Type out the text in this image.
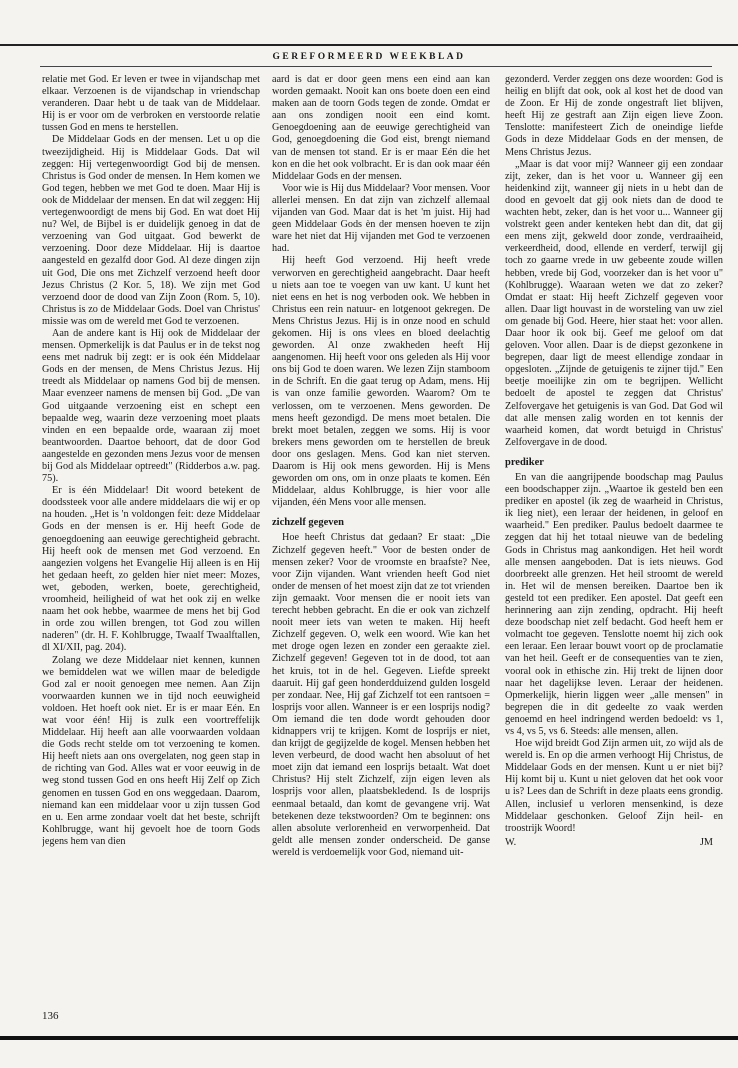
GEREFORMEERD WEEKBLAD

relatie met God. Er leven er twee in vijandschap met elkaar. Verzoenen is de vijandschap in vriendschap veranderen. Daar hebt u de taak van de Middelaar. Hij is er voor om de verbroken en verstoorde relatie tussen God en mens te herstellen.

De Middelaar Gods en der mensen. Let u op die tweezijdigheid. Hij is Middelaar Gods. Dat wil zeggen: Hij vertegenwoordigt God bij de mensen. Christus is God onder de mensen. In Hem komen we God tegen, hebben we met God te doen. Maar Hij is ook de Middelaar der mensen. En dat wil zeggen: Hij vertegenwoordigt de mens bij God. En wat doet Hij nu? Wel, de Bijbel is er duidelijk genoeg in dat de verzoening van God uitgaat. God bewerkt de verzoening. Door deze Middelaar. Hij is daartoe aangesteld en gezalfd door God. Al deze dingen zijn uit God, Die ons met Zichzelf verzoend heeft door Jezus Christus (2 Kor. 5, 18). We zijn met God verzoend door de dood van Zijn Zoon (Rom. 5, 10). Christus is zo de Middelaar Gods. Doel van Christus' missie was om de wereld met God te verzoenen.

Aan de andere kant is Hij ook de Middelaar der mensen. Opmerkelijk is dat Paulus er in de tekst nog eens met nadruk bij zegt: er is ook één Middelaar Gods en der mensen, de Mens Christus Jezus. Hij treedt als Middelaar op namens God bij de mensen. Maar evenzeer namens de mensen bij God. „De van God uitgaande verzoening eist en schept een bepaalde weg, waarin deze verzoening moet plaats vinden en een bepaalde orde, waaraan zij moet beantwoorden. Daartoe behoort, dat de door God aangestelde en gezonden mens Jezus voor de mensen bij God als Middelaar optreedt" (Ridderbos a.w. pag. 75).

Er is één Middelaar! Dit woord betekent de doodssteek voor alle andere middelaars die wij er op na houden. „Het is 'n voldongen feit: deze Middelaar Gods en der mensen is er. Hij heeft Gode de genoegdoening aan eeuwige gerechtigheid gebracht. Hij heeft ook de mensen met God verzoend. En aangezien volgens het Evangelie Hij alleen is en Hij het gedaan heeft, zo gelden hier niet meer: Mozes, wet, geboden, werken, boete, gerechtigheid, vroomheid, heiligheid of wat het ook zij en welke naam het ook hebbe, waarmee de mens het bij God in orde zou willen brengen, tot God zou willen naderen" (dr. H. F. Kohlbrugge, Twaalf Twaalftallen, dl XI/XII, pag. 204).

Zolang we deze Middelaar niet kennen, kunnen we bemiddelen wat we willen maar de beledigde God zal er nooit genoegen mee nemen. Aan Zijn voorwaarden kunnen we in tijd noch eeuwigheid voldoen. Het hoeft ook niet. Er is er maar Eén. En wat voor één! Hij is zulk een voortreffelijk Middelaar. Hij heeft aan alle voorwaarden voldaan die Gods recht stelde om tot verzoening te komen. Hij heeft niets aan ons overgelaten, nog geen stap in de richting van God. Alles wat er voor eeuwig in de weg stond tussen God en ons heeft Hij Zelf op Zich genomen en tussen God en ons weggedaan. Daarom, niemand kan een middelaar voor u zijn tussen God en u. Een arme zondaar voelt dat het beste, schrijft Kohlbrugge, want hij gevoelt hoe de toorn Gods jegens hem van dien

aard is dat er door geen mens een eind aan kan worden gemaakt. Nooit kan ons boete doen een eind maken aan de toorn Gods tegen de zonde. Omdat er aan ons zondigen nooit een eind komt. Genoegdoening aan de eeuwige gerechtigheid van God, genoegdoening die God eist, brengt niemand van de mensen tot stand. Er is er maar Eén die het kon en die het ook volbracht. Er is dan ook maar één Middelaar Gods en der mensen.

Voor wie is Hij dus Middelaar? Voor mensen. Voor allerlei mensen. En dat zijn van zichzelf allemaal vijanden van God. Maar dat is het 'm juist. Hij had geen Middelaar Gods èn der mensen hoeven te zijn ware het niet dat Hij vijanden met God te verzoenen had.

Hij heeft God verzoend. Hij heeft vrede verworven en gerechtigheid aangebracht. Daar heeft u niets aan toe te voegen van uw kant. U kunt het niet eens en het is nog verboden ook. We hebben in Christus een rein natuur- en lotgenoot gekregen. De Mens Christus Jezus. Hij is in onze nood en schuld gekomen. Hij is ons vlees en bloed deelachtig geworden. Al onze zwakheden heeft Hij aangenomen. Hij heeft voor ons geleden als Hij voor ons bij God te doen waren. We lezen Zijn stamboom in de Schrift. En die gaat terug op Adam, mens. Hij is van onze familie geworden. Waarom? Om te verlossen, om te verzoenen. Mens geworden. De mens heeft gezondigd. De mens moet betalen. Die brekt moet betalen, zeggen we soms. Hij is voor brekers mens geworden om te herstellen de breuk door ons geslagen. Mens. God kan niet sterven. Daarom is Hij ook mens geworden. Hij is Mens geworden om ons, om in onze plaats te komen. Eén Middelaar, aldus Kohlbrugge, is hier voor alle vijanden, één Mens voor alle mensen.

zichzelf gegeven

Hoe heeft Christus dat gedaan? Er staat: „Die Zichzelf gegeven heeft." Voor de besten onder de mensen zeker? Voor de vroomste en braafste? Nee, voor Zijn vijanden. Want vrienden heeft God niet onder de mensen of het moest zijn dat ze tot vrienden zijn gemaakt. Voor mensen die er nooit iets van terecht hebben gebracht. En die er ook van zichzelf nooit meer iets van weten te maken. Hij heeft Zichzelf gegeven. O, welk een woord. Wie kan het met droge ogen lezen en zonder een geraakte ziel. Zichzelf gegeven! Gegeven tot in de dood, tot aan het kruis, tot in de hel. Gegeven. Liefde spreekt daaruit. Hij gaf geen honderdduizend gulden losgeld per zondaar. Nee, Hij gaf Zichzelf tot een rantsoen = losprijs voor allen. Wanneer is er een losprijs nodig? Om iemand die ten dode wordt gehouden door kidnappers vrij te krijgen. Komt de losprijs er niet, dan krijgt de gegijzelde de kogel. Mensen hebben het leven verbeurd, de dood wacht hen absoluut of het moet zijn dat iemand een losprijs betaalt. Wat doet Christus? Hij stelt Zichzelf, zijn eigen leven als losprijs voor allen, plaatsbekledend. Is de losprijs eenmaal betaald, dan komt de gevangene vrij. Wat betekenen deze tekstwoorden? Om te beginnen: ons allen absolute verlorenheid en verworpenheid. Dat geldt alle mensen zonder onderscheid. De ganse wereld is verdoemelijk voor God, niemand uit-

gezonderd. Verder zeggen ons deze woorden: God is heilig en blijft dat ook, ook al kost het de dood van de Zoon. Er Hij de zonde ongestraft liet blijven, heeft Hij ze gestraft aan Zijn eigen lieve Zoon. Tenslotte: manifesteert Zich de oneindige liefde Gods in deze Middelaar Gods en der mensen, de Mens Christus Jezus.

„Maar is dat voor mij? Wanneer gij een zondaar zijt, zeker, dan is het voor u. Wanneer gij een heidenkind zijt, wanneer gij niets in u hebt dan de dood en gevoelt dat gij ook niets dan de dood te wachten hebt, zeker, dan is het voor u... Wanneer gij volstrekt geen ander kenteken hebt dan dit, dat gij een mens zijt, gekweld door zonde, verdraaiheid, verkeerdheid, dood, ellende en verderf, terwijl gij toch zo gaarne vrede in uw gebeente zoude willen hebben, vrede bij God, voorzeker dan is het voor u" (Kohlbrugge). Waaraan weten we dat zo zeker? Omdat er staat: Hij heeft Zichzelf gegeven voor allen. Daar ligt houvast in de worsteling van uw ziel om genade bij God. Heere, hier staat het: voor allen. Daar hoor ik ook bij. Geef me geloof om dat geloven. Voor allen. Daar is de diepst gezonkene in begrepen, daar ligt de meest ellendige zondaar in opgesloten. „Zijnde de getuigenis te zijner tijd." Een beetje moeilijke zin om te begrijpen. Wellicht bedoelt de apostel te zeggen dat Christus' Zelfovergave het getuigenis is van God. Dat God wil dat alle mensen zalig worden en tot kennis der waarheid komen, dat wordt betuigd in Christus' Zelfovergave in de dood.

prediker

En van die aangrijpende boodschap mag Paulus een boodschapper zijn. „Waartoe ik gesteld ben een prediker en apostel (ik zeg de waarheid in Christus, ik lieg niet), een leraar der heidenen, in geloof en waarheid." Een prediker. Paulus bedoelt daarmee te zeggen dat hij het totaal nieuwe van de bedeling Gods in Christus mag aankondigen. Het heil wordt alle mensen aangeboden. Dat is iets nieuws. God doorbreekt alle grenzen. Het heil stroomt de wereld in. Het wil de mensen bereiken. Daartoe ben ik gesteld tot een prediker. Een apostel. Dat geeft een herinnering aan zijn zending, opdracht. Hij heeft deze boodschap niet zelf bedacht. God heeft hem er volmacht toe gegeven. Tenslotte noemt hij zich ook een leraar. Een leraar bouwt voort op de proclamatie van het heil. Geeft er de consequenties van te zien, vooral ook in ethische zin. Hij trekt de lijnen door naar het dagelijkse leven. Leraar der heidenen. Opmerkelijk, hierin liggen weer „alle mensen" in begrepen die in dit gedeelte zo vaak werden genoemd en heel indringend werden bedoeld: vs 1, vs 4, vs 5, vs 6. Steeds: alle mensen, allen.

Hoe wijd breidt God Zijn armen uit, zo wijd als de wereld is. En op die armen verhoogt Hij Christus, de Middelaar Gods en der mensen. Kunt u er niet bij? Hij komt bij u. Kunt u niet geloven dat het ook voor u is? Lees dan de Schrift in deze plaats eens grondig. Allen, inclusief u verloren mensenkind, is deze Middelaar geschonken. Geloof Zijn heil- en troostrijk Woord!

W.	JM
136
